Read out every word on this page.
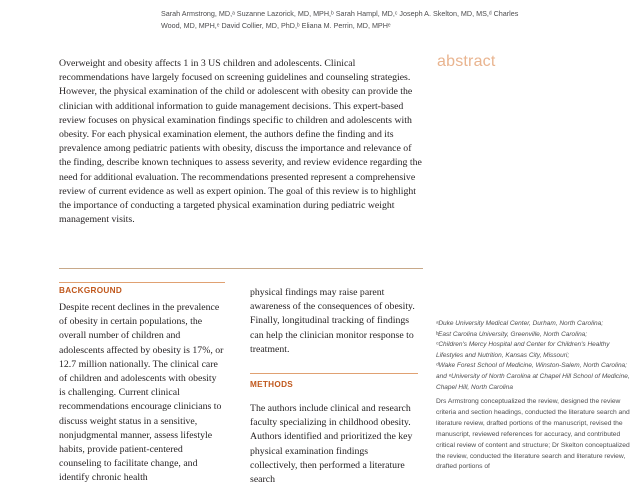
Sarah Armstrong, MD,ᵃ Suzanne Lazorick, MD, MPH,ᵇ Sarah Hampl, MD,ᶜ Joseph A. Skelton, MD, MS,ᵈ Charles Wood, MD, MPH,ᵉ David Collier, MD, PhD,ᵇ Eliana M. Perrin, MD, MPHᵉ
Overweight and obesity affects 1 in 3 US children and adolescents. Clinical recommendations have largely focused on screening guidelines and counseling strategies. However, the physical examination of the child or adolescent with obesity can provide the clinician with additional information to guide management decisions. This expert-based review focuses on physical examination findings specific to children and adolescents with obesity. For each physical examination element, the authors define the finding and its prevalence among pediatric patients with obesity, discuss the importance and relevance of the finding, describe known techniques to assess severity, and review evidence regarding the need for additional evaluation. The recommendations presented represent a comprehensive review of current evidence as well as expert opinion. The goal of this review is to highlight the importance of conducting a targeted physical examination during pediatric weight management visits.
abstract
BACKGROUND

Despite recent declines in the prevalence of obesity in certain populations, the overall number of children and adolescents affected by obesity is 17%, or 12.7 million nationally. The clinical care of children and adolescents with obesity is challenging. Current clinical recommendations encourage clinicians to discuss weight status in a sensitive, nonjudgmental manner, assess lifestyle habits, provide patient-centered counseling to facilitate change, and identify chronic health

physical findings may raise parent awareness of the consequences of obesity. Finally, longitudinal tracking of findings can help the clinician monitor response to treatment.

METHODS

The authors include clinical and research faculty specializing in childhood obesity. Authors identified and prioritized the key physical examination findings collectively, then performed a literature search

ᵃDuke University Medical Center, Durham, North Carolina;
ᵇEast Carolina University, Greenville, North Carolina;
ᶜChildren's Mercy Hospital and Center for Children's Healthy Lifestyles and Nutrition, Kansas City, Missouri;
ᵈWake Forest School of Medicine, Winston-Salem, North Carolina; and ᵉUniversity of North Carolina at Chapel Hill School of Medicine, Chapel Hill, North Carolina
Drs Armstrong conceptualized the review, designed the review criteria and section headings, conducted the literature search and literature review, drafted portions of the manuscript, revised the manuscript, reviewed references for accuracy, and contributed critical review of content and structure; Dr Skelton conceptualized the review, conducted the literature search and literature review, drafted portions of
